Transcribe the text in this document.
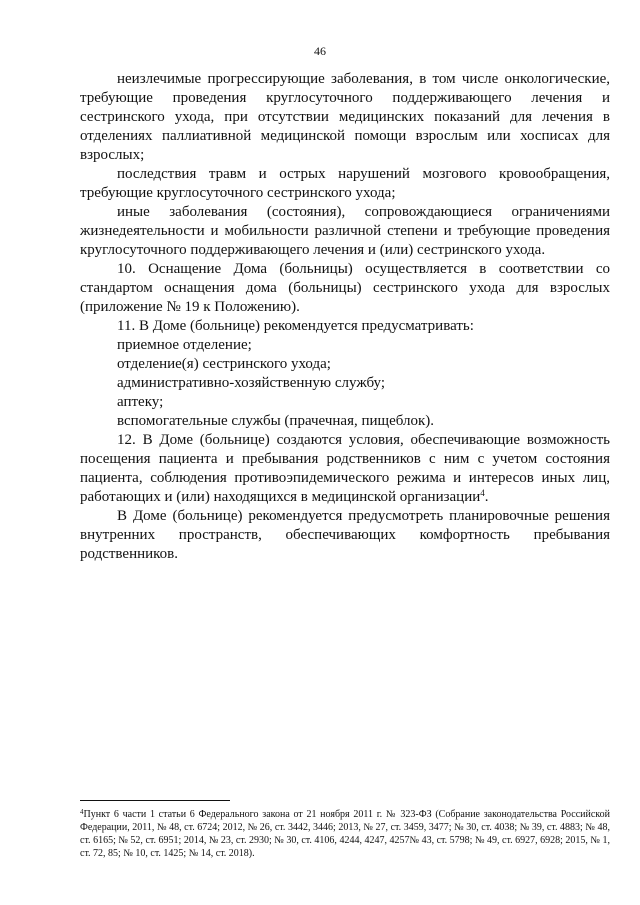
46

неизлечимые прогрессирующие заболевания, в том числе онкологические, требующие проведения круглосуточного поддерживающего лечения и сестринского ухода, при отсутствии медицинских показаний для лечения в отделениях паллиативной медицинской помощи взрослым или хосписах для взрослых;

последствия травм и острых нарушений мозгового кровообращения, требующие круглосуточного сестринского ухода;

иные заболевания (состояния), сопровождающиеся ограничениями жизнедеятельности и мобильности различной степени и требующие проведения круглосуточного поддерживающего лечения и (или) сестринского ухода.

10. Оснащение Дома (больницы) осуществляется в соответствии со стандартом оснащения дома (больницы) сестринского ухода для взрослых (приложение № 19 к Положению).

11. В Доме (больнице) рекомендуется предусматривать:

приемное отделение;

отделение(я) сестринского ухода;

административно-хозяйственную службу;

аптеку;

вспомогательные службы (прачечная, пищеблок).

12. В Доме (больнице) создаются условия, обеспечивающие возможность посещения пациента и пребывания родственников с ним с учетом состояния пациента, соблюдения противоэпидемического режима и интересов иных лиц, работающих и (или) находящихся в медицинской организации$^4$.

В Доме (больнице) рекомендуется предусмотреть планировочные решения внутренних пространств, обеспечивающих комфортность пребывания родственников.

$^4$Пункт 6 части 1 статьи 6 Федерального закона от 21 ноября 2011 г. № 323-ФЗ (Собрание законодательства Российской Федерации, 2011, № 48, ст. 6724; 2012, № 26, ст. 3442, 3446; 2013, № 27, ст. 3459, 3477; № 30, ст. 4038; № 39, ст. 4883; № 48, ст. 6165; № 52, ст. 6951; 2014, № 23, ст. 2930; № 30, ст. 4106, 4244, 4247, 4257№ 43, ст. 5798; № 49, ст. 6927, 6928; 2015, № 1, ст. 72, 85; № 10, ст. 1425; № 14, ст. 2018).
